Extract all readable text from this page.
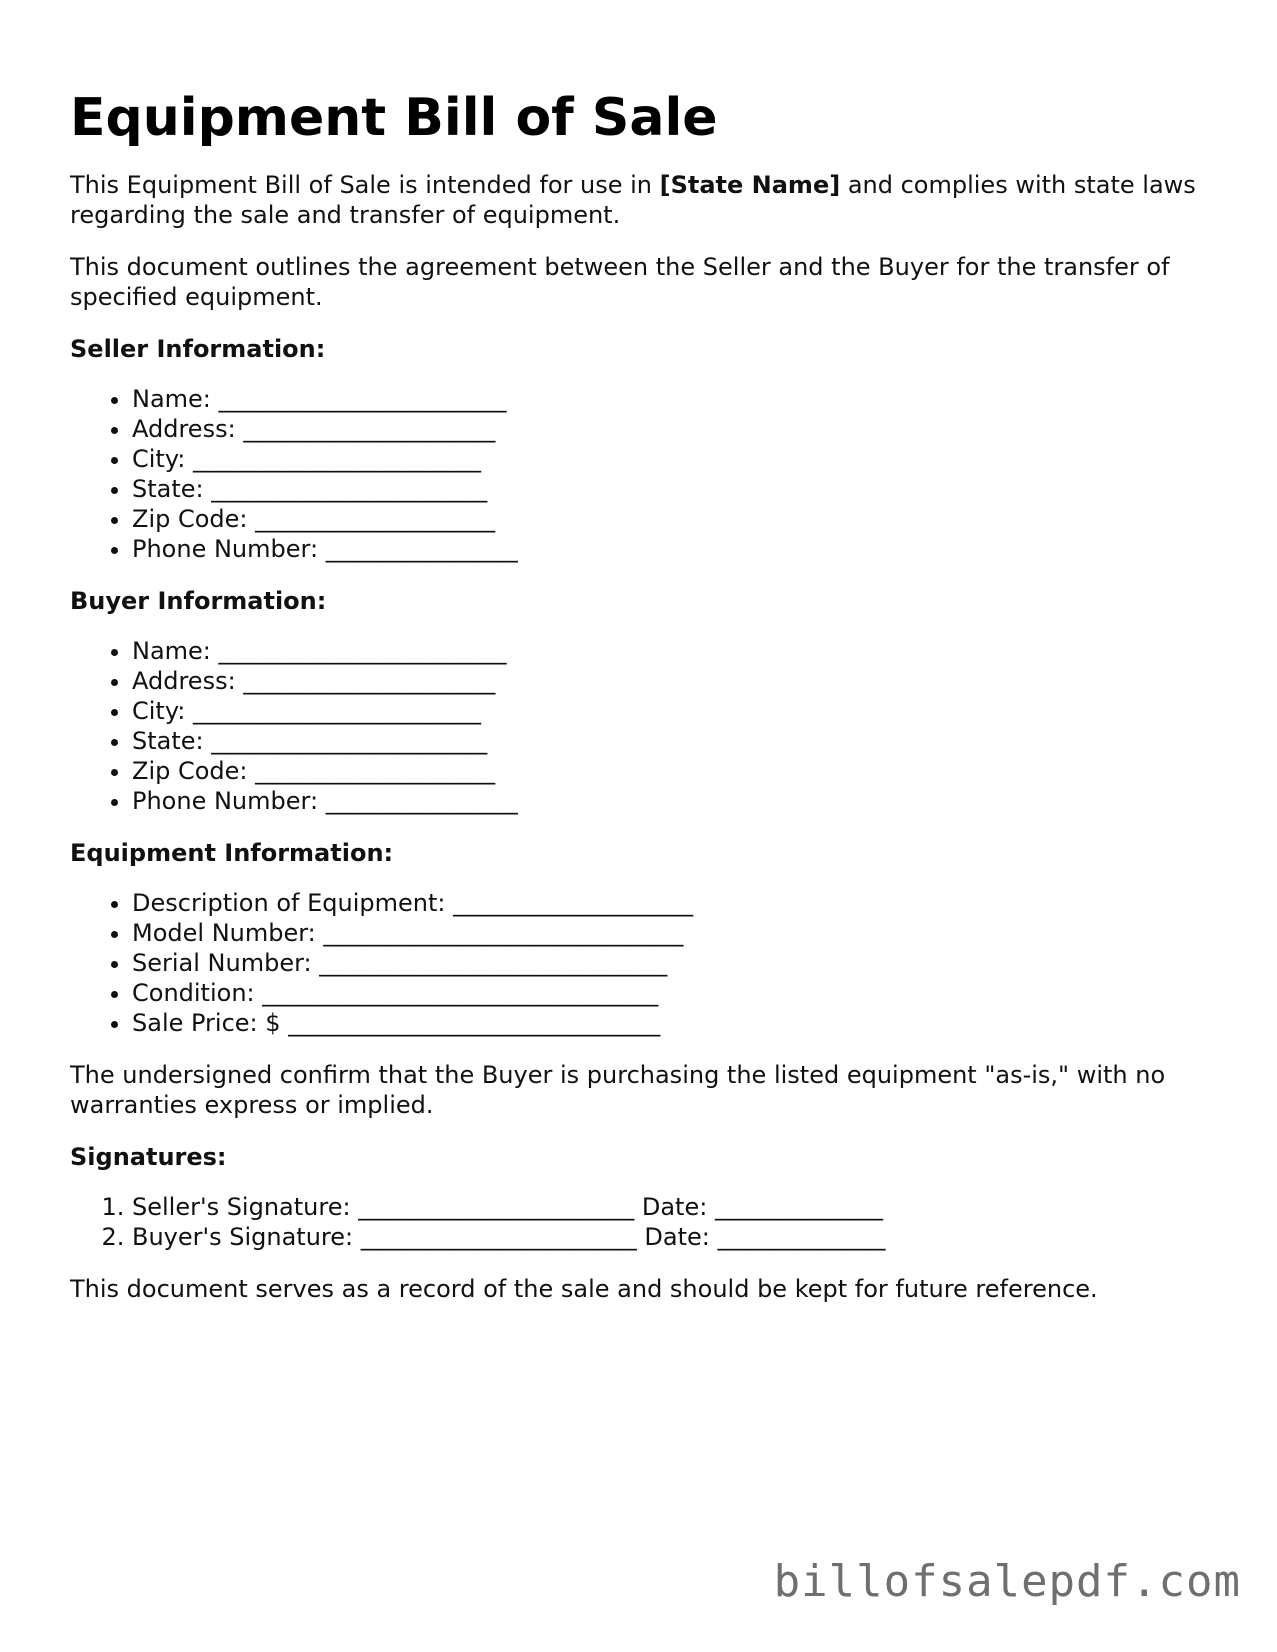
Equipment Bill of Sale

This Equipment Bill of Sale is intended for use in [State Name] and complies with state laws regarding the sale and transfer of equipment.

This document outlines the agreement between the Seller and the Buyer for the transfer of specified equipment.

Seller Information:
• Name: ________________________
• Address: _____________________
• City: ________________________
• State: _______________________
• Zip Code: ____________________
• Phone Number: ________________
Buyer Information:
• Name: ________________________
• Address: _____________________
• City: ________________________
• State: _______________________
• Zip Code: ____________________
• Phone Number: ________________
Equipment Information:
• Description of Equipment: ____________________
• Model Number: ______________________________
• Serial Number: _____________________________
• Condition: _________________________________
• Sale Price: $ _______________________________

The undersigned confirm that the Buyer is purchasing the listed equipment "as-is," with no warranties express or implied.

Signatures:
1. Seller's Signature: _______________________ Date: ______________
2. Buyer's Signature: _______________________ Date: ______________

This document serves as a record of the sale and should be kept for future reference.

billofsalepdf.com
